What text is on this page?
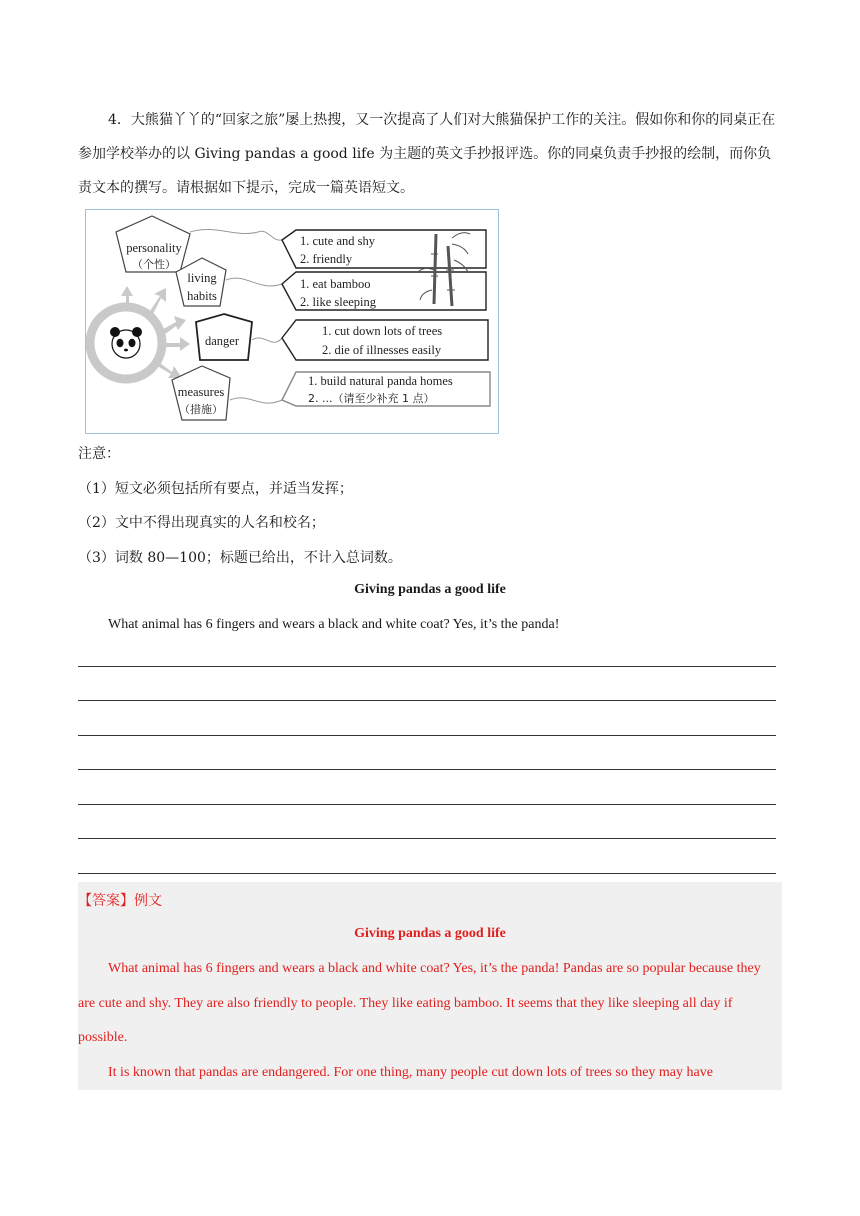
4．大熊猫丫丫的“回家之旅”屡上热搜，又一次提高了人们对大熊猫保护工作的关注。假如你和你的同桌正在参加学校举办的以 Giving pandas a good life 为主题的英文手抄报评选。你的同桌负责手抄报的绘制，而你负责文本的撰写。请根据如下提示，完成一篇英语短文。
personality
（个性）
living
habits
danger
measures
（措施）
1. cute and shy
2. friendly
1. eat bamboo
2. like sleeping
1. cut down lots of trees
2. die of illnesses easily
1. build natural panda homes
2. ...（请至少补充 1 点）
注意：
（1）短文必须包括所有要点，并适当发挥；
（2）文中不得出现真实的人名和校名；
（3）词数 80—100；标题已给出，不计入总词数。
Giving pandas a good life
What animal has 6 fingers and wears a black and white coat? Yes, it’s the panda!
【答案】例文
Giving pandas a good life

What animal has 6 fingers and wears a black and white coat? Yes, it’s the panda! Pandas are so popular because they are cute and shy. They are also friendly to people. They like eating bamboo. It seems that they like sleeping all day if possible.

It is known that pandas are endangered. For one thing, many people cut down lots of trees so they may have
